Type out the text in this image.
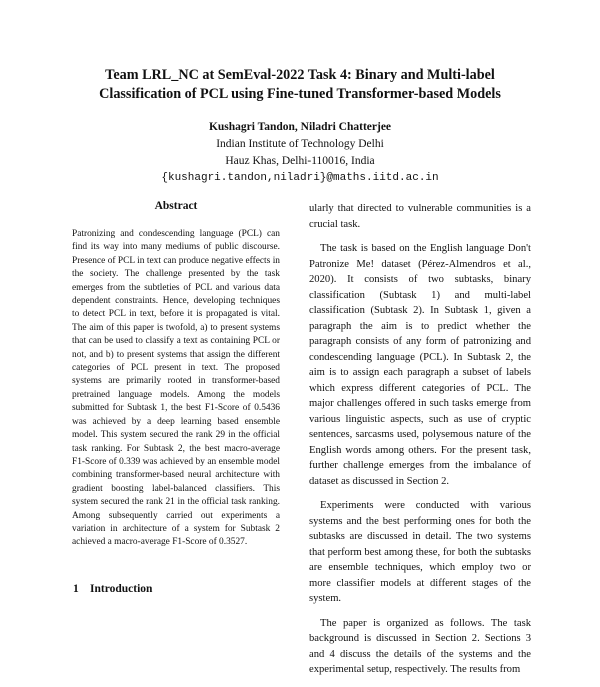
Team LRL_NC at SemEval-2022 Task 4: Binary and Multi-label
Classification of PCL using Fine-tuned Transformer-based Models
Kushagri Tandon, Niladri Chatterjee
Indian Institute of Technology Delhi
Hauz Khas, Delhi-110016, India
{kushagri.tandon,niladri}@maths.iitd.ac.in
Abstract

Patronizing and condescending language (PCL) can find its way into many mediums of public discourse. Presence of PCL in text can produce negative effects in the society. The challenge presented by the task emerges from the subtleties of PCL and various data dependent constraints. Hence, developing techniques to detect PCL in text, before it is propagated is vital. The aim of this paper is twofold, a) to present systems that can be used to classify a text as containing PCL or not, and b) to present systems that assign the different categories of PCL present in text. The proposed systems are primarily rooted in transformer-based pretrained language models. Among the models submitted for Subtask 1, the best F1-Score of 0.5436 was achieved by a deep learning based ensemble model. This system secured the rank 29 in the official task ranking. For Subtask 2, the best macro-average F1-Score of 0.339 was achieved by an ensemble model combining transformer-based neural architecture with gradient boosting label-balanced classifiers. This system secured the rank 21 in the official task ranking. Among subsequently carried out experiments a variation in architecture of a system for Subtask 2 achieved a macro-average F1-Score of 0.3527.

1 Introduction

ularly that directed to vulnerable communities is a crucial task.

The task is based on the English language Don't Patronize Me! dataset (Pérez-Almendros et al., 2020). It consists of two subtasks, binary classification (Subtask 1) and multi-label classification (Subtask 2). In Subtask 1, given a paragraph the aim is to predict whether the paragraph consists of any form of patronizing and condescending language (PCL). In Subtask 2, the aim is to assign each paragraph a subset of labels which express different categories of PCL. The major challenges offered in such tasks emerge from various linguistic aspects, such as use of cryptic sentences, sarcasms used, polysemous nature of the English words among others. For the present task, further challenge emerges from the imbalance of dataset as discussed in Section 2.

Experiments were conducted with various systems and the best performing ones for both the subtasks are discussed in detail. The two systems that perform best among these, for both the subtasks are ensemble techniques, which employ two or more classifier models at different stages of the system.

The paper is organized as follows. The task background is discussed in Section 2. Sections 3 and 4 discuss the details of the systems and the experimental setup, respectively. The results from
